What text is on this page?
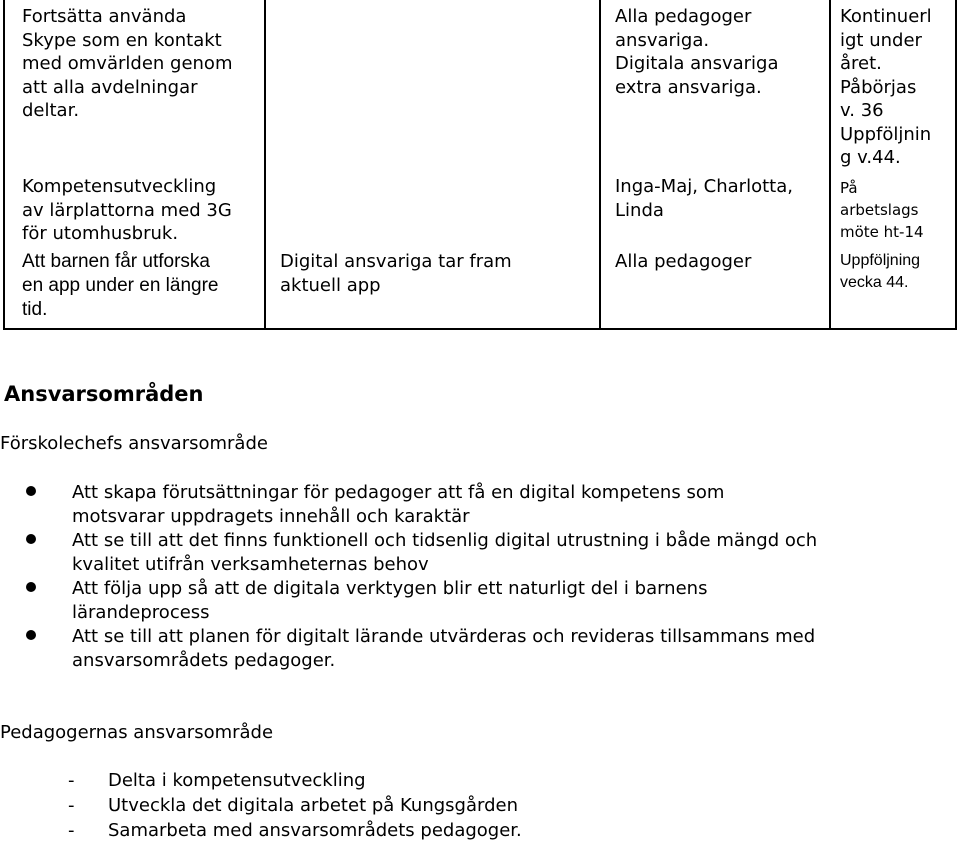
Fortsätta använda
Skype som en kontakt
med omvärlden genom
att alla avdelningar
deltar.
Kompetensutveckling
av lärplattorna med 3G
för utomhusbruk.
Att barnen får utforska
en app under en längre
tid.
Digital ansvariga tar fram
aktuell app
Alla pedagoger
ansvariga.
Digitala ansvariga
extra ansvariga.
Inga-Maj, Charlotta,
Linda
Alla pedagoger
Kontinuerl
igt under
året.
Påbörjas
v. 36
Uppföljnin
g v.44.
På
arbetslags
möte ht-14
Uppföljning
vecka 44.
Ansvarsområden

Förskolechefs ansvarsområde

Att skapa förutsättningar för pedagoger att få en digital kompetens som
motsvarar uppdragets innehåll och karaktär
Att se till att det finns funktionell och tidsenlig digital utrustning i både mängd och
kvalitet utifrån verksamheternas behov
Att följa upp så att de digitala verktygen blir ett naturligt del i barnens
lärandeprocess
Att se till att planen för digitalt lärande utvärderas och revideras tillsammans med
ansvarsområdets pedagoger.

Pedagogernas ansvarsområde

- Delta i kompetensutveckling
- Utveckla det digitala arbetet på Kungsgården
- Samarbeta med ansvarsområdets pedagoger.
